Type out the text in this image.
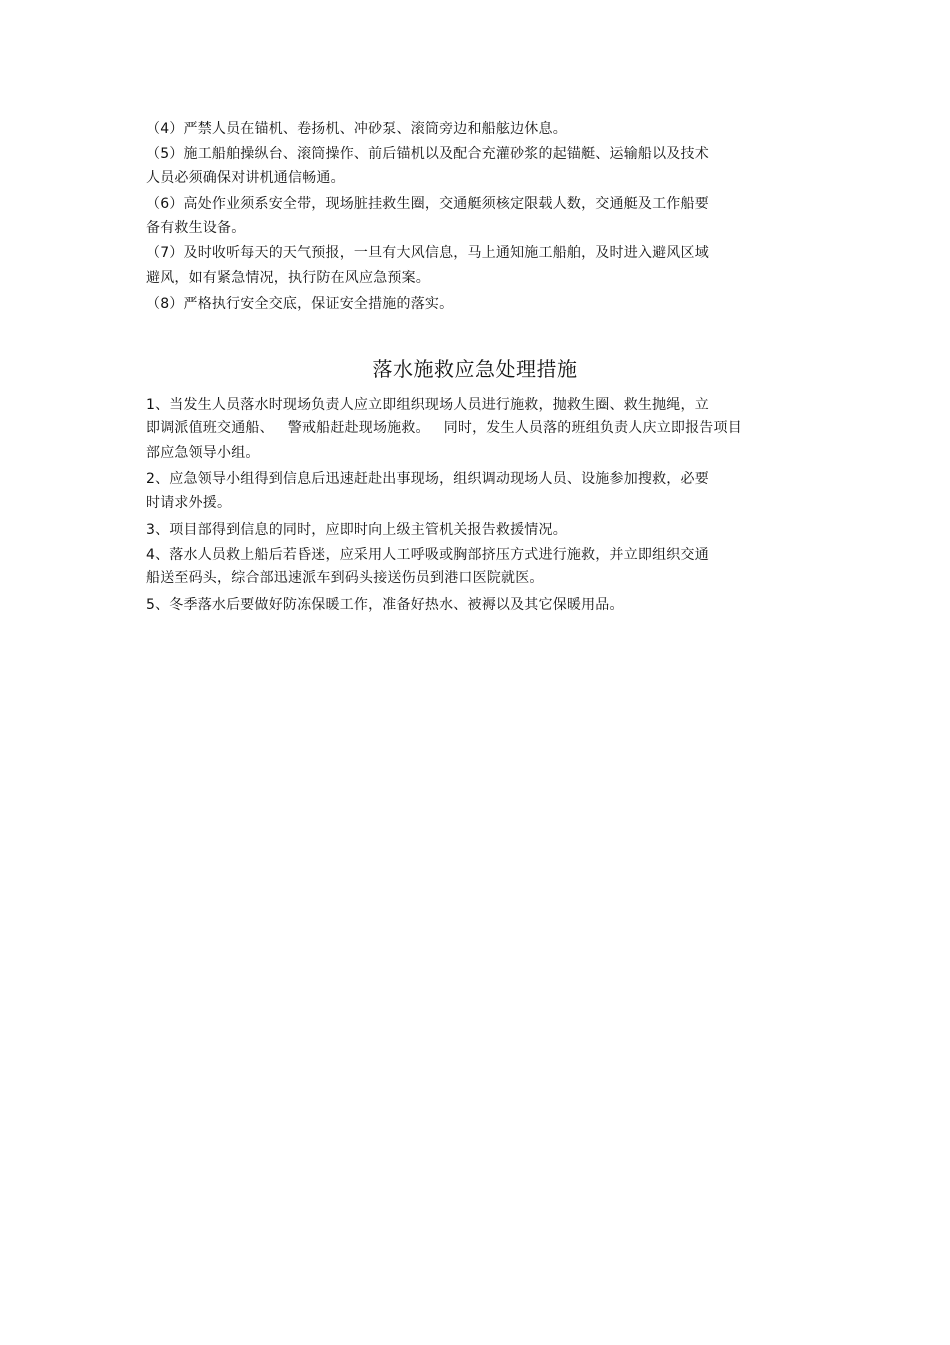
（4）严禁人员在锚机、卷扬机、冲砂泵、滚筒旁边和船舷边休息。
（5）施工船舶操纵台、滚筒操作、前后锚机以及配合充灌砂浆的起锚艇、运输船以及技术
人员必须确保对讲机通信畅通。
（6）高处作业须系安全带，现场脏挂救生圈，交通艇须核定限载人数，交通艇及工作船要
备有救生设备。
（7）及时收听每天的天气预报，一旦有大风信息，马上通知施工船舶，及时进入避风区域
避风，如有紧急情况，执行防在风应急预案。
（8）严格执行安全交底，保证安全措施的落实。
落水施救应急处理措施
1、当发生人员落水时现场负责人应立即组织现场人员进行施救，抛救生圈、救生抛绳，立
即调派值班交通船、   警戒船赶赴现场施救。   同时，发生人员落的班组负责人庆立即报告项目
部应急领导小组。
2、应急领导小组得到信息后迅速赶赴出事现场，组织调动现场人员、设施参加搜救，必要
时请求外援。
3、项目部得到信息的同时，应即时向上级主管机关报告救援情况。
4、落水人员救上船后若昏迷，应采用人工呼吸或胸部挤压方式进行施救，并立即组织交通
船送至码头，综合部迅速派车到码头接送伤员到港口医院就医。
5、冬季落水后要做好防冻保暖工作，准备好热水、被褥以及其它保暖用品。
